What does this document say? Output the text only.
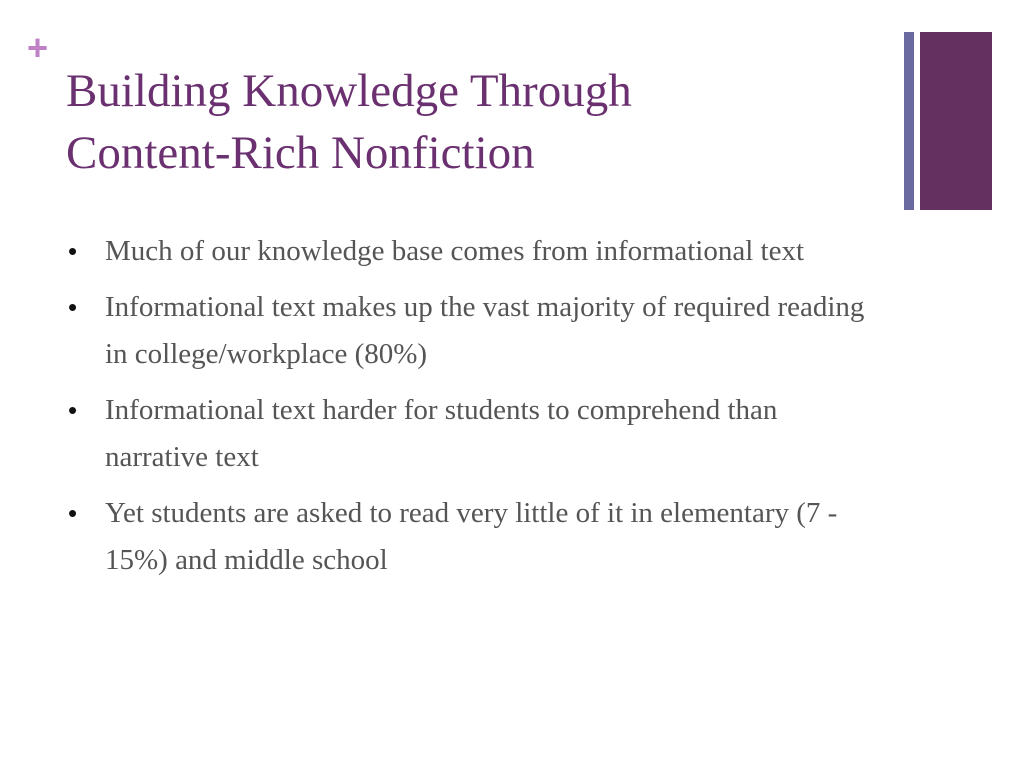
+
Building Knowledge Through
Content-Rich Nonfiction
• Much of our knowledge base comes from informational text
• Informational text makes up the vast majority of required reading in college/workplace (80%)
• Informational text harder for students to comprehend than narrative text
• Yet students are asked to read very little of it in elementary (7 - 15%) and middle school
